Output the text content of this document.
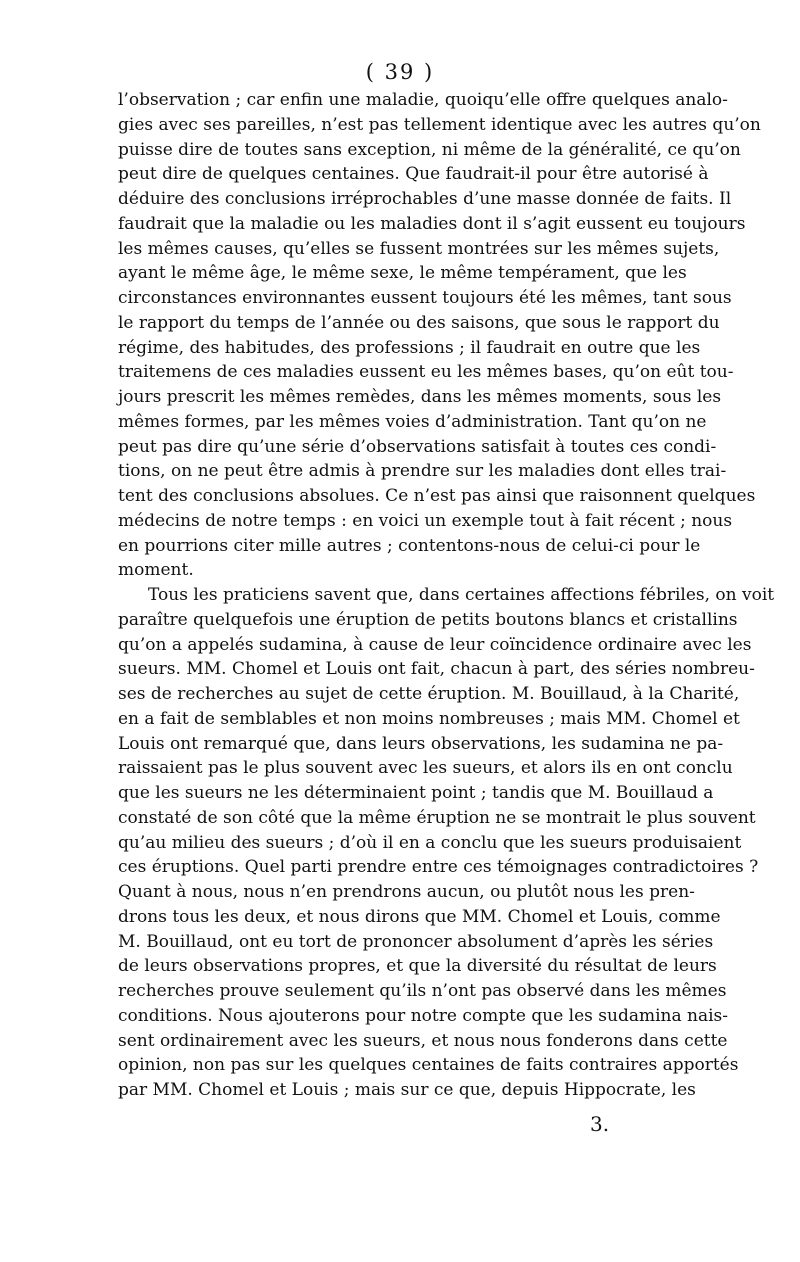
( 39 )
l’observation ; car enfin une maladie, quoiqu’elle offre quelques analo-
gies avec ses pareilles, n’est pas tellement identique avec les autres qu’on
puisse dire de toutes sans exception, ni même de la généralité, ce qu’on
peut dire de quelques centaines. Que faudrait-il pour être autorisé à
déduire des conclusions irréprochables d’une masse donnée de faits. Il
faudrait que la maladie ou les maladies dont il s’agit eussent eu toujours
les mêmes causes, qu’elles se fussent montrées sur les mêmes sujets,
ayant le même âge, le même sexe, le même tempérament, que les
circonstances environnantes eussent toujours été les mêmes, tant sous
le rapport du temps de l’année ou des saisons, que sous le rapport du
régime, des habitudes, des professions ; il faudrait en outre que les
traitemens de ces maladies eussent eu les mêmes bases, qu’on eût tou-
jours prescrit les mêmes remèdes, dans les mêmes moments, sous les
mêmes formes, par les mêmes voies d’administration. Tant qu’on ne
peut pas dire qu’une série d’observations satisfait à toutes ces condi-
tions, on ne peut être admis à prendre sur les maladies dont elles trai-
tent des conclusions absolues. Ce n’est pas ainsi que raisonnent quelques
médecins de notre temps : en voici un exemple tout à fait récent ; nous
en pourrions citer mille autres ; contentons-nous de celui-ci pour le
moment.
Tous les praticiens savent que, dans certaines affections fébriles, on voit
paraître quelquefois une éruption de petits boutons blancs et cristallins
qu’on a appelés sudamina, à cause de leur coïncidence ordinaire avec les
sueurs. MM. Chomel et Louis ont fait, chacun à part, des séries nombreu-
ses de recherches au sujet de cette éruption. M. Bouillaud, à la Charité,
en a fait de semblables et non moins nombreuses ; mais MM. Chomel et
Louis ont remarqué que, dans leurs observations, les sudamina ne pa-
raissaient pas le plus souvent avec les sueurs, et alors ils en ont conclu
que les sueurs ne les déterminaient point ; tandis que M. Bouillaud a
constaté de son côté que la même éruption ne se montrait le plus souvent
qu’au milieu des sueurs ; d’où il en a conclu que les sueurs produisaient
ces éruptions. Quel parti prendre entre ces témoignages contradictoires ?
Quant à nous, nous n’en prendrons aucun, ou plutôt nous les pren-
drons tous les deux, et nous dirons que MM. Chomel et Louis, comme
M. Bouillaud, ont eu tort de prononcer absolument d’après les séries
de leurs observations propres, et que la diversité du résultat de leurs
recherches prouve seulement qu’ils n’ont pas observé dans les mêmes
conditions. Nous ajouterons pour notre compte que les sudamina nais-
sent ordinairement avec les sueurs, et nous nous fonderons dans cette
opinion, non pas sur les quelques centaines de faits contraires apportés
par MM. Chomel et Louis ; mais sur ce que, depuis Hippocrate, les
3.
